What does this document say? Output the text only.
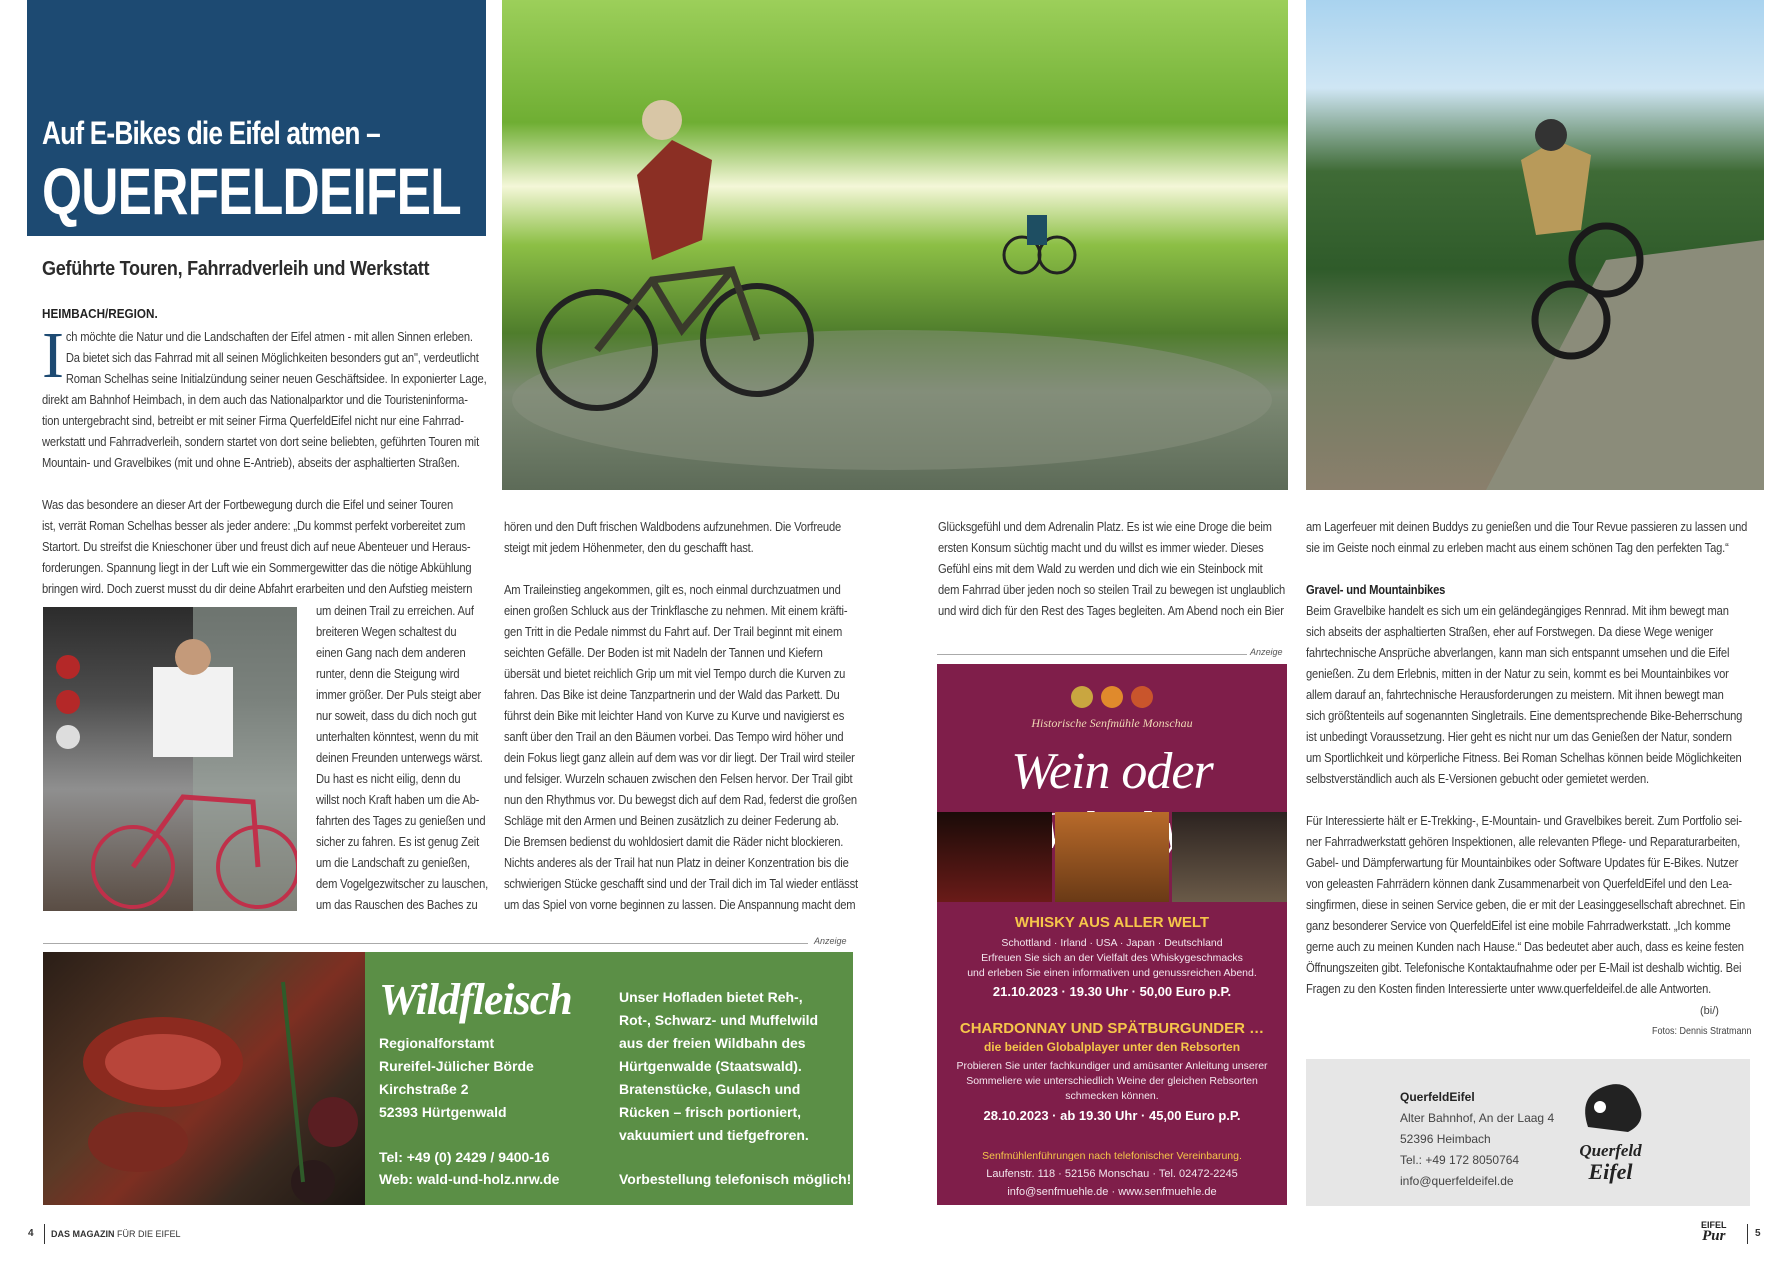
Auf E-Bikes die Eifel atmen –
QUERFELDEIFEL
Geführte Touren, Fahrradverleih und Werkstatt
HEIMBACH/REGION.
I ch möchte die Natur und die Landschaften der Eifel atmen - mit allen Sinnen erleben.

Da bietet sich das Fahrrad mit all seinen Möglichkeiten besonders gut an", verdeutlicht

Roman Schelhas seine Initialzündung seiner neuen Geschäftsidee. In exponierter Lage,

direkt am Bahnhof Heimbach, in dem auch das Nationalparktor und die Touristeninforma-

tion untergebracht sind, betreibt er mit seiner Firma QuerfeldEifel nicht nur eine Fahrrad-

werkstatt und Fahrradverleih, sondern startet von dort seine beliebten, geführten Touren mit

Mountain- und Gravelbikes (mit und ohne E-Antrieb), abseits der asphaltierten Straßen.

Was das besondere an dieser Art der Fortbewegung durch die Eifel und seiner Touren

ist, verrät Roman Schelhas besser als jeder andere: „Du kommst perfekt vorbereitet zum

Startort. Du streifst die Knieschoner über und freust dich auf neue Abenteuer und Heraus-

forderungen. Spannung liegt in der Luft wie ein Sommergewitter das die nötige Abkühlung

bringen wird. Doch zuerst musst du dir deine Abfahrt erarbeiten und den Aufstieg meistern

um deinen Trail zu erreichen. Auf

breiteren Wegen schaltest du

einen Gang nach dem anderen

runter, denn die Steigung wird

immer größer. Der Puls steigt aber

nur soweit, dass du dich noch gut

unterhalten könntest, wenn du mit

deinen Freunden unterwegs wärst.

Du hast es nicht eilig, denn du

willst noch Kraft haben um die Ab-

fahrten des Tages zu genießen und

sicher zu fahren. Es ist genug Zeit

um die Landschaft zu genießen,

dem Vogelgezwitscher zu lauschen,

um das Rauschen des Baches zu

hören und den Duft frischen Waldbodens aufzunehmen. Die Vorfreude

steigt mit jedem Höhenmeter, den du geschafft hast.

Am Traileinstieg angekommen, gilt es, noch einmal durchzuatmen und

einen großen Schluck aus der Trinkflasche zu nehmen. Mit einem kräfti-

gen Tritt in die Pedale nimmst du Fahrt auf. Der Trail beginnt mit einem

seichten Gefälle. Der Boden ist mit Nadeln der Tannen und Kiefern

übersät und bietet reichlich Grip um mit viel Tempo durch die Kurven zu

fahren. Das Bike ist deine Tanzpartnerin und der Wald das Parkett. Du

führst dein Bike mit leichter Hand von Kurve zu Kurve und navigierst es

sanft über den Trail an den Bäumen vorbei. Das Tempo wird höher und

dein Fokus liegt ganz allein auf dem was vor dir liegt. Der Trail wird steiler

und felsiger. Wurzeln schauen zwischen den Felsen hervor. Der Trail gibt

nun den Rhythmus vor. Du bewegst dich auf dem Rad, federst die großen

Schläge mit den Armen und Beinen zusätzlich zu deiner Federung ab.

Die Bremsen bedienst du wohldosiert damit die Räder nicht blockieren.

Nichts anderes als der Trail hat nun Platz in deiner Konzentration bis die

schwierigen Stücke geschafft sind und der Trail dich im Tal wieder entlässt

um das Spiel von vorne beginnen zu lassen. Die Anspannung macht dem

Glücksgefühl und dem Adrenalin Platz. Es ist wie eine Droge die beim

ersten Konsum süchtig macht und du willst es immer wieder. Dieses

Gefühl eins mit dem Wald zu werden und dich wie ein Steinbock mit

dem Fahrrad über jeden noch so steilen Trail zu bewegen ist unglaublich

und wird dich für den Rest des Tages begleiten. Am Abend noch ein Bier

am Lagerfeuer mit deinen Buddys zu genießen und die Tour Revue passieren zu lassen und

sie im Geiste noch einmal zu erleben macht aus einem schönen Tag den perfekten Tag.“

Gravel- und Mountainbikes

Beim Gravelbike handelt es sich um ein geländegängiges Rennrad. Mit ihm bewegt man

sich abseits der asphaltierten Straßen, eher auf Forstwegen. Da diese Wege weniger

fahrtechnische Ansprüche abverlangen, kann man sich entspannt umsehen und die Eifel

genießen. Zu dem Erlebnis, mitten in der Natur zu sein, kommt es bei Mountainbikes vor

allem darauf an, fahrtechnische Herausforderungen zu meistern. Mit ihnen bewegt man

sich größtenteils auf sogenannten Singletrails. Eine dementsprechende Bike-Beherrschung

ist unbedingt Voraussetzung. Hier geht es nicht nur um das Genießen der Natur, sondern

um Sportlichkeit und körperliche Fitness. Bei Roman Schelhas können beide Möglichkeiten

selbstverständlich auch als E-Versionen gebucht oder gemietet werden.

Für Interessierte hält er E-Trekking-, E-Mountain- und Gravelbikes bereit. Zum Portfolio sei-

ner Fahrradwerkstatt gehören Inspektionen, alle relevanten Pflege- und Reparaturarbeiten,

Gabel- und Dämpferwartung für Mountainbikes oder Software Updates für E-Bikes. Nutzer

von geleasten Fahrrädern können dank Zusammenarbeit von QuerfeldEifel und den Lea-

singfirmen, diese in seinen Service geben, die er mit der Leasinggesellschaft abrechnet. Ein

ganz besonderer Service von QuerfeldEifel ist eine mobile Fahrradwerkstatt. „Ich komme

gerne auch zu meinen Kunden nach Hause.“ Das bedeutet aber auch, dass es keine festen

Öffnungszeiten gibt. Telefonische Kontaktaufnahme oder per E-Mail ist deshalb wichtig. Bei

Fragen zu den Kosten finden Interessierte unter www.querfeldeifel.de alle Antworten.

(bi/)
Fotos: Dennis Stratmann
Anzeige
Anzeige
Wildfleisch
Regionalforstamt
Rureifel-Jülicher Börde
Kirchstraße 2
52393 Hürtgenwald
Tel: +49 (0) 2429 / 9400-16
Web: wald-und-holz.nrw.de
Unser Hofladen bietet Reh-,
Rot-, Schwarz- und Muffelwild
aus der freien Wildbahn des
Hürtgenwalde (Staatswald).
Bratenstücke, Gulasch und
Rücken – frisch portioniert,
vakuumiert und tiefgefroren.
Vorbestellung telefonisch möglich!
Historische Senfmühle Monschau
Wein oder
WHISKY AUS ALLER WELT
Schottland · Irland · USA · Japan · Deutschland
Erfreuen Sie sich an der Vielfalt des Whiskygeschmacks
und erleben Sie einen informativen und genussreichen Abend.
21.10.2023 · 19.30 Uhr · 50,00 Euro p.P.
CHARDONNAY UND SPÄTBURGUNDER …
die beiden Globalplayer unter den Rebsorten
Probieren Sie unter fachkundiger und amüsanter Anleitung unserer
Sommeliere wie unterschiedlich Weine der gleichen Rebsorten
schmecken können.
28.10.2023 · ab 19.30 Uhr · 45,00 Euro p.P.
Senfmühlenführungen nach telefonischer Vereinbarung.
Laufenstr. 118 · 52156 Monschau · Tel. 02472-2245
info@senfmuehle.de · www.senfmuehle.de
QuerfeldEifel
Alter Bahnhof, An der Laag 4
52396 Heimbach
Tel.: +49 172 8050764
info@querfeldeifel.de
Querfeld
Eifel
4 DAS MAGAZIN FÜR DIE EIFEL
EIFEL
Pur	5
